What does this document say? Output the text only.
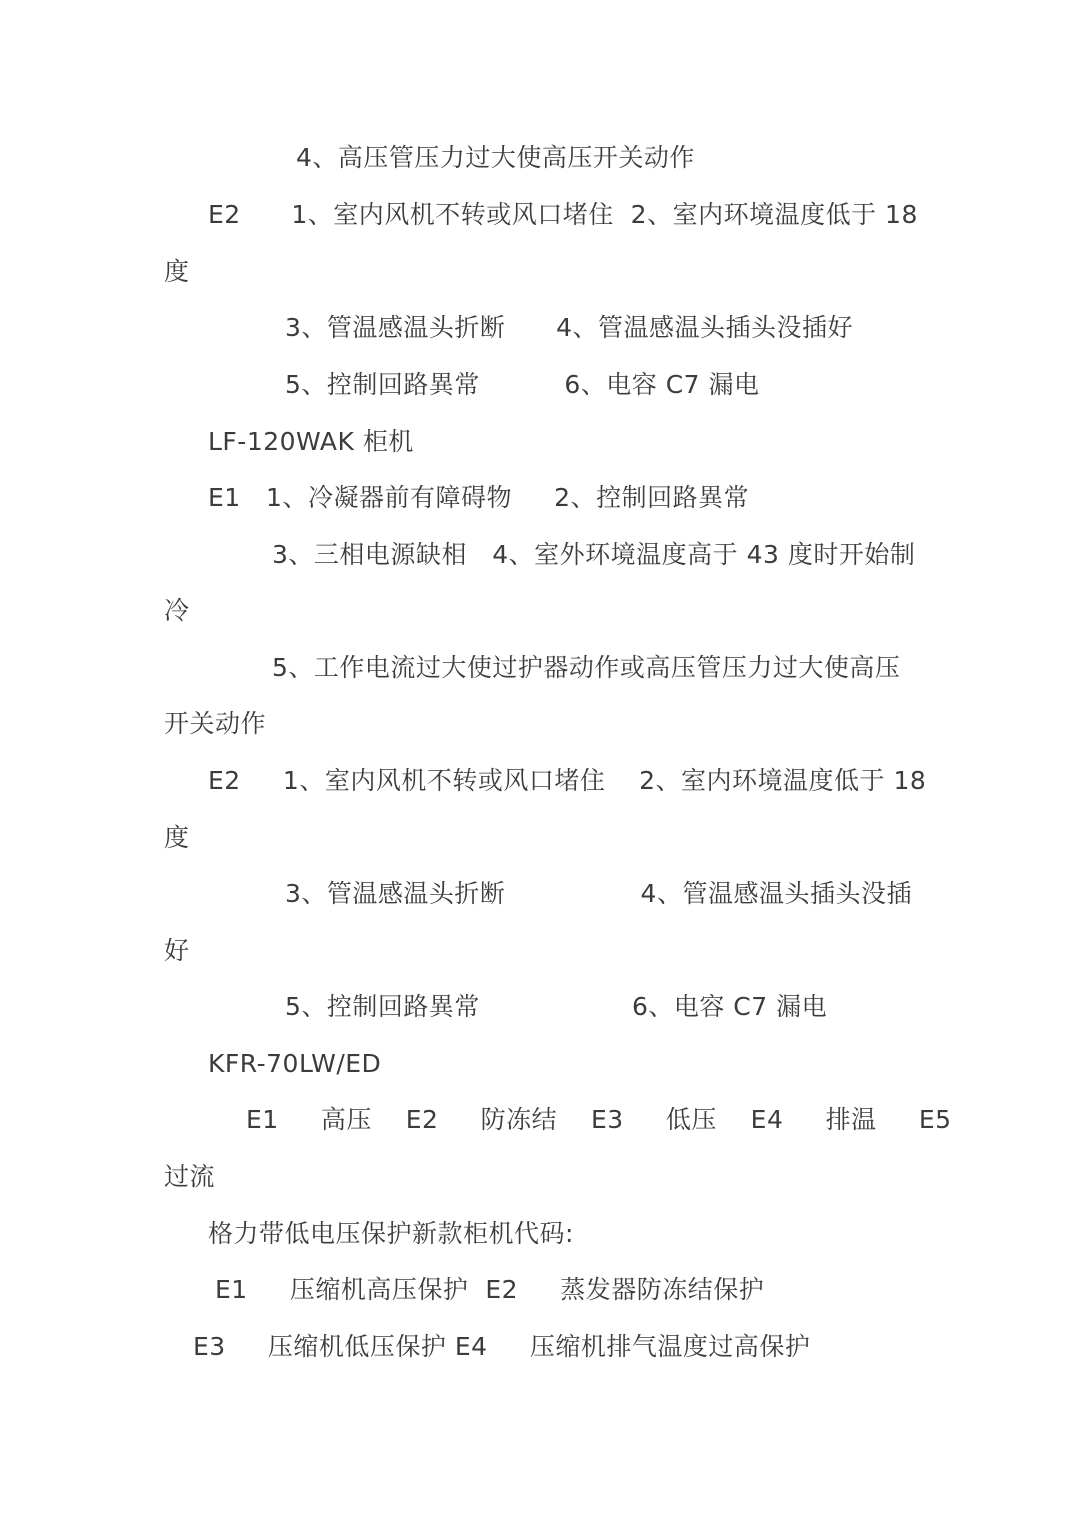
4、高压管压力过大使高压开关动作
E2      1、室内风机不转或风口堵住  2、室内环境温度低于 18
度
3、管温感温头折断      4、管温感温头插头没插好
5、控制回路異常          6、电容 C7 漏电
LF-120WAK 柜机
E1   1、冷凝器前有障碍物     2、控制回路異常
3、三相电源缺相   4、室外环境温度高于 43 度时开始制
冷
5、工作电流过大使过护器动作或高压管压力过大使高压
开关动作
E2     1、室内风机不转或风口堵住    2、室内环境温度低于 18
度
3、管温感温头折断                4、管温感温头插头没插
好
5、控制回路異常                  6、电容 C7 漏电
KFR-70LW/ED
E1     高压    E2     防冻结    E3     低压    E4     排温     E5
过流
格力带低电压保护新款柜机代码:
E1     压缩机高压保护  E2     蒸发器防冻结保护
E3     压缩机低压保护 E4     压缩机排气温度过高保护
